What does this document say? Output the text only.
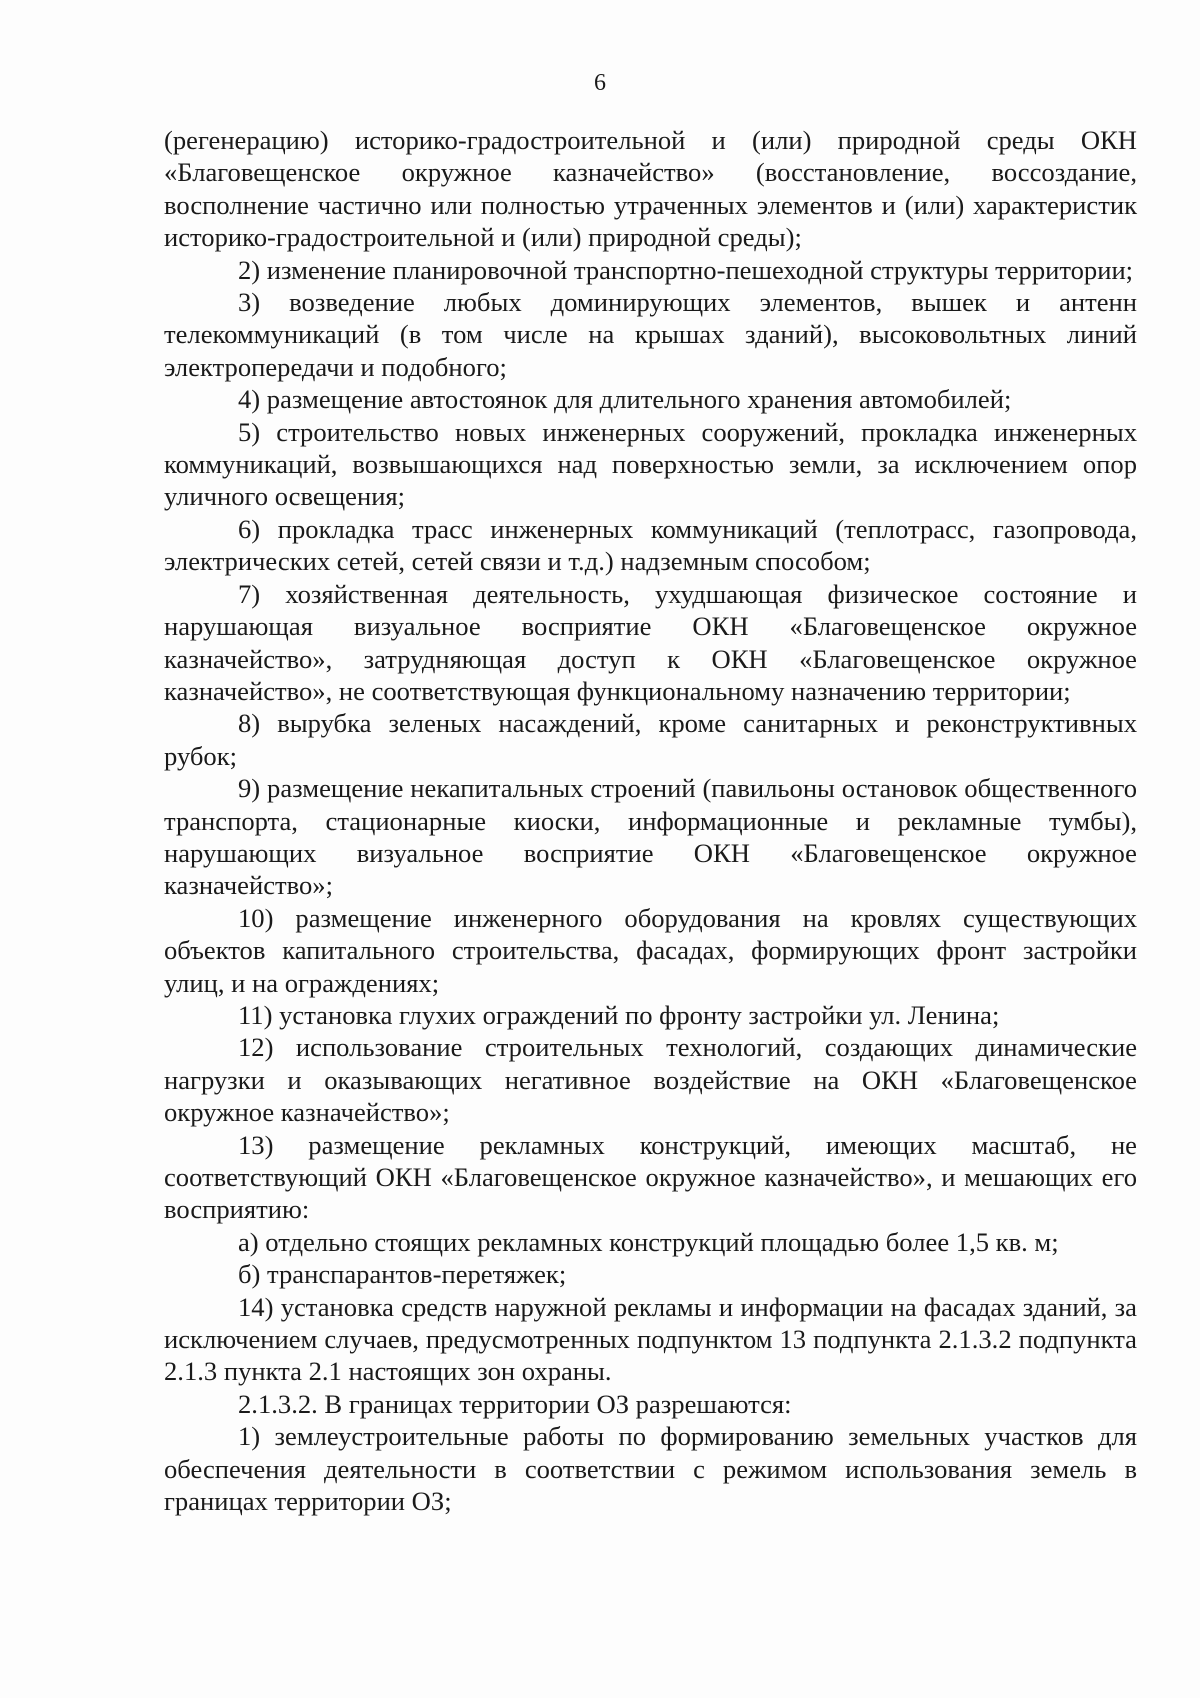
6

(регенерацию) историко-градостроительной и (или) природной среды ОКН «Благовещенское окружное казначейство» (восстановление, воссоздание, восполнение частично или полностью утраченных элементов и (или) характеристик историко-градостроительной и (или) природной среды);

2) изменение планировочной транспортно-пешеходной структуры территории;

3) возведение любых доминирующих элементов, вышек и антенн телекоммуникаций (в том числе на крышах зданий), высоковольтных линий электропередачи и подобного;

4) размещение автостоянок для длительного хранения автомобилей;

5) строительство новых инженерных сооружений, прокладка инженерных коммуникаций, возвышающихся над поверхностью земли, за исключением опор уличного освещения;

6) прокладка трасс инженерных коммуникаций (теплотрасс, газопровода, электрических сетей, сетей связи и т.д.) надземным способом;

7) хозяйственная деятельность, ухудшающая физическое состояние и нарушающая визуальное восприятие ОКН «Благовещенское окружное казначейство», затрудняющая доступ к ОКН «Благовещенское окружное казначейство», не соответствующая функциональному назначению территории;

8) вырубка зеленых насаждений, кроме санитарных и реконструктивных рубок;

9) размещение некапитальных строений (павильоны остановок общественного транспорта, стационарные киоски, информационные и рекламные тумбы), нарушающих визуальное восприятие ОКН «Благовещенское окружное казначейство»;

10) размещение инженерного оборудования на кровлях существующих объектов капитального строительства, фасадах, формирующих фронт застройки улиц, и на ограждениях;

11) установка глухих ограждений по фронту застройки ул. Ленина;

12) использование строительных технологий, создающих динамические нагрузки и оказывающих негативное воздействие на ОКН «Благовещенское окружное казначейство»;

13) размещение рекламных конструкций, имеющих масштаб, не соответствующий ОКН «Благовещенское окружное казначейство», и мешающих его восприятию:

а) отдельно стоящих рекламных конструкций площадью более 1,5 кв. м;

б) транспарантов-перетяжек;

14) установка средств наружной рекламы и информации на фасадах зданий, за исключением случаев, предусмотренных подпунктом 13 подпункта 2.1.3.2 подпункта 2.1.3 пункта 2.1 настоящих зон охраны.

2.1.3.2. В границах территории ОЗ разрешаются:

1) землеустроительные работы по формированию земельных участков для обеспечения деятельности в соответствии с режимом использования земель в границах территории ОЗ;
